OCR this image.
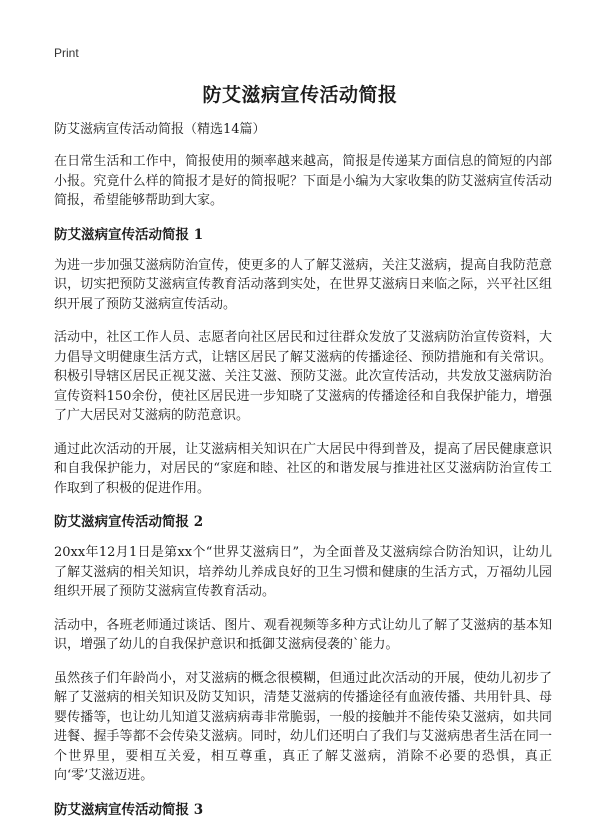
Print
防艾滋病宣传活动简报

防艾滋病宣传活动简报（精选14篇）

在日常生活和工作中，简报使用的频率越来越高，简报是传递某方面信息的简短的内部小报。究竟什么样的简报才是好的简报呢？下面是小编为大家收集的防艾滋病宣传活动简报，希望能够帮助到大家。

防艾滋病宣传活动简报 1

为进一步加强艾滋病防治宣传，使更多的人了解艾滋病，关注艾滋病，提高自我防范意识，切实把预防艾滋病宣传教育活动落到实处，在世界艾滋病日来临之际，兴平社区组织开展了预防艾滋病宣传活动。

活动中，社区工作人员、志愿者向社区居民和过往群众发放了艾滋病防治宣传资料，大力倡导文明健康生活方式，让辖区居民了解艾滋病的传播途径、预防措施和有关常识。积极引导辖区居民正视艾滋、关注艾滋、预防艾滋。此次宣传活动，共发放艾滋病防治宣传资料150余份，使社区居民进一步知晓了艾滋病的传播途径和自我保护能力，增强了广大居民对艾滋病的防范意识。

通过此次活动的开展，让艾滋病相关知识在广大居民中得到普及，提高了居民健康意识和自我保护能力，对居民的“家庭和睦、社区的和谐发展与推进社区艾滋病防治宣传工作取到了积极的促进作用。

防艾滋病宣传活动简报 2

20xx年12月1日是第xx个“世界艾滋病日”，为全面普及艾滋病综合防治知识，让幼儿了解艾滋病的相关知识，培养幼儿养成良好的卫生习惯和健康的生活方式，万福幼儿园组织开展了预防艾滋病宣传教育活动。

活动中，各班老师通过谈话、图片、观看视频等多种方式让幼儿了解了艾滋病的基本知识，增强了幼儿的自我保护意识和抵御艾滋病侵袭的`能力。

虽然孩子们年龄尚小，对艾滋病的概念很模糊，但通过此次活动的开展，使幼儿初步了解了艾滋病的相关知识及防艾知识，清楚艾滋病的传播途径有血液传播、共用针具、母婴传播等，也让幼儿知道艾滋病病毒非常脆弱，一般的接触并不能传染艾滋病，如共同进餐、握手等都不会传染艾滋病。同时，幼儿们还明白了我们与艾滋病患者生活在同一个世界里，要相互关爱，相互尊重，真正了解艾滋病，消除不必要的恐惧，真正向‘零’艾滋迈进。

防艾滋病宣传活动简报 3
